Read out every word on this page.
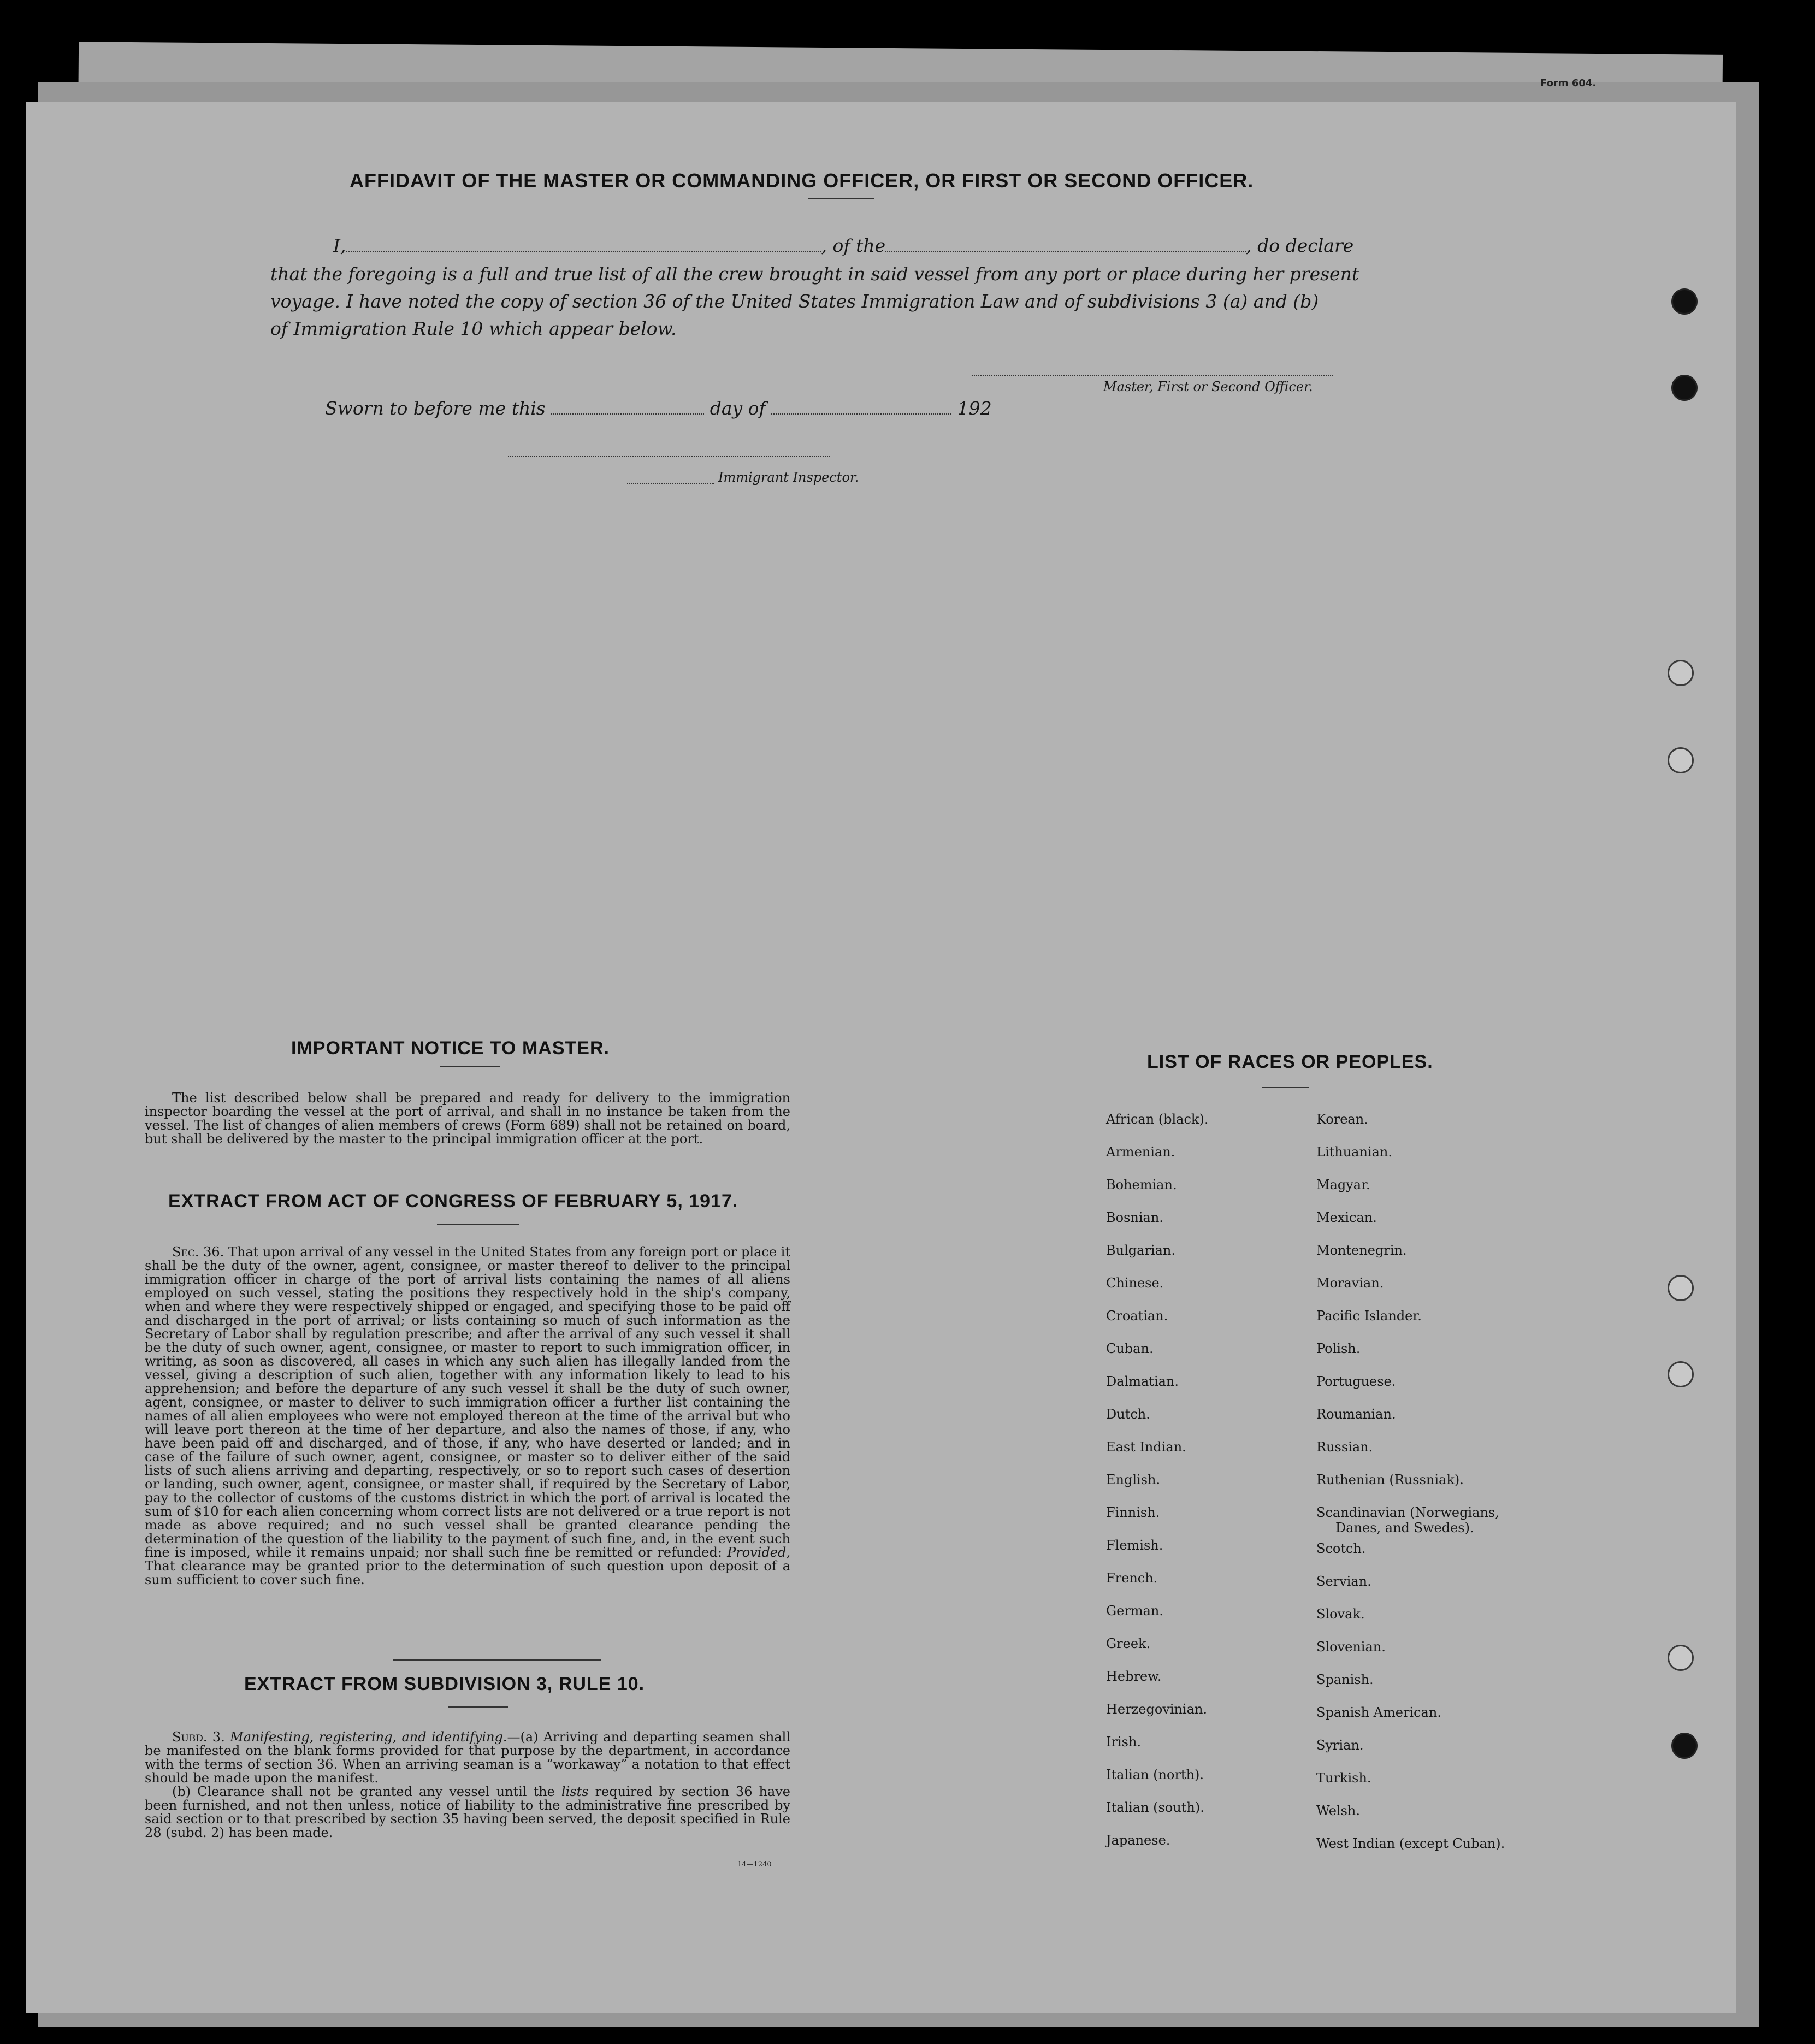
Form 604.
AFFIDAVIT OF THE MASTER OR COMMANDING OFFICER, OR FIRST OR SECOND OFFICER.
I,	, of the	, do declare
that the foregoing is a full and true list of all the crew brought in said vessel from any port or place during her present
voyage. I have noted the copy of section 36 of the United States Immigration Law and of subdivisions 3 (a) and (b)
of Immigration Rule 10 which appear below.
Master, First or Second Officer.
Sworn to before me this	day of	192
Immigrant Inspector.
IMPORTANT NOTICE TO MASTER.

The list described below shall be prepared and ready for delivery to the immigration inspector boarding the vessel at the port of arrival, and shall in no instance be taken from the vessel. The list of changes of alien members of crews (Form 689) shall not be retained on board, but shall be delivered by the master to the principal immigration officer at the port.

EXTRACT FROM ACT OF CONGRESS OF FEBRUARY 5, 1917.

Sec. 36. That upon arrival of any vessel in the United States from any foreign port or place it shall be the duty of the owner, agent, consignee, or master thereof to deliver to the principal immigration officer in charge of the port of arrival lists containing the names of all aliens employed on such vessel, stating the positions they respectively hold in the ship's company, when and where they were respectively shipped or engaged, and specifying those to be paid off and discharged in the port of arrival; or lists containing so much of such information as the Secretary of Labor shall by regulation prescribe; and after the arrival of any such vessel it shall be the duty of such owner, agent, consignee, or master to report to such immigration officer, in writing, as soon as discovered, all cases in which any such alien has illegally landed from the vessel, giving a description of such alien, together with any information likely to lead to his apprehension; and before the departure of any such vessel it shall be the duty of such owner, agent, consignee, or master to deliver to such immigration officer a further list containing the names of all alien employees who were not employed thereon at the time of the arrival but who will leave port thereon at the time of her departure, and also the names of those, if any, who have been paid off and discharged, and of those, if any, who have deserted or landed; and in case of the failure of such owner, agent, consignee, or master so to deliver either of the said lists of such aliens arriving and departing, respectively, or so to report such cases of desertion or landing, such owner, agent, consignee, or master shall, if required by the Secretary of Labor, pay to the collector of customs of the customs district in which the port of arrival is located the sum of $10 for each alien concerning whom correct lists are not delivered or a true report is not made as above required; and no such vessel shall be granted clearance pending the determination of the question of the liability to the payment of such fine, and, in the event such fine is imposed, while it remains unpaid; nor shall such fine be remitted or refunded: Provided, That clearance may be granted prior to the determination of such question upon deposit of a sum sufficient to cover such fine.

EXTRACT FROM SUBDIVISION 3, RULE 10.

Subd. 3. Manifesting, registering, and identifying.—(a) Arriving and departing seamen shall be manifested on the blank forms provided for that purpose by the department, in accordance with the terms of section 36. When an arriving seaman is a “workaway” a notation to that effect should be made upon the manifest.

(b) Clearance shall not be granted any vessel until the lists required by section 36 have been furnished, and not then unless, notice of liability to the administrative fine prescribed by said section or to that prescribed by section 35 having been served, the deposit specified in Rule 28 (subd. 2) has been made.

14—1240
LIST OF RACES OR PEOPLES.
African (black).
Armenian.
Bohemian.
Bosnian.
Bulgarian.
Chinese.
Croatian.
Cuban.
Dalmatian.
Dutch.
East Indian.
English.
Finnish.
Flemish.
French.
German.
Greek.
Hebrew.
Herzegovinian.
Irish.
Italian (north).
Italian (south).
Japanese.
Korean.
Lithuanian.
Magyar.
Mexican.
Montenegrin.
Moravian.
Pacific Islander.
Polish.
Portuguese.
Roumanian.
Russian.
Ruthenian (Russniak).
Scandinavian (Norwegians,
Danes, and Swedes).
Scotch.
Servian.
Slovak.
Slovenian.
Spanish.
Spanish American.
Syrian.
Turkish.
Welsh.
West Indian (except Cuban).
